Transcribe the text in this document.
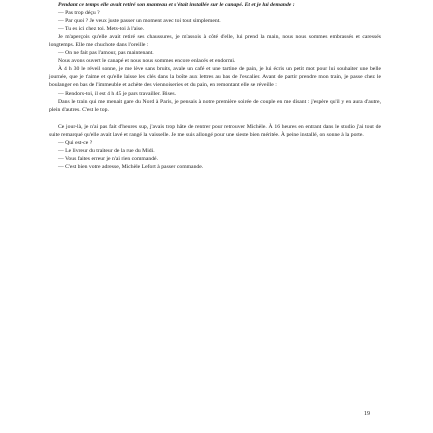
Pendant ce temps elle avait retiré son manteau et s'était installée sur le canapé. Et et je lui demande :

— Pas trop déçu ?

— Par quoi ? Je veux juste passer un moment avec toi tout simplement.

— Tu es ici chez toi. Mets-toi à l'aise.

Je m'aperçois qu'elle avait retiré ses chaussures, je m'assois à côté d'elle, lui prend la main, nous nous sommes embrassés et caressés longtemps. Elle me chuchote dans l'oreille :

— On ne fait pas l'amour, pas maintenant.

Nous avons ouvert le canapé et nous nous sommes encore enlacés et endormi.

À 4 h 30 le réveil sonne, je me lève sans bruits, avale un café et une tartine de pain, je lui écris un petit mot pour lui souhaiter une belle journée, que je t'aime et qu'elle laisse les clés dans la boîte aux lettres au bas de l'escalier. Avant de partir prendre mon train, je passe chez le boulanger en bas de l'immeuble et achète des viennoiseries et du pain, en remontant elle se réveille :

— Rendors-toi, il est 4 h 45 je pars travailler. Bises.

Dans le train qui me menait gare du Nord à Paris, je pensais à notre première soirée de couple en me disant : j'espère qu'il y en aura d'autre, plein d'autres. C'est le top.

Ce jour-là, je n'ai pas fait d'heures sup, j'avais trop hâte de rentrer pour retrouver Michèle. À 16 heures en entrant dans le studio j'ai tout de suite remarqué qu'elle avait lavé et rangé la vaisselle. Je me suis allongé pour une sieste bien méritée. À peine installé, on sonne à la porte.

— Qui est-ce ?

— Le livreur du traiteur de la rue du Midi.

— Vous faites erreur je n'ai rien commandé.

— C'est bien votre adresse, Michèle Lefort à passer commande.

19
